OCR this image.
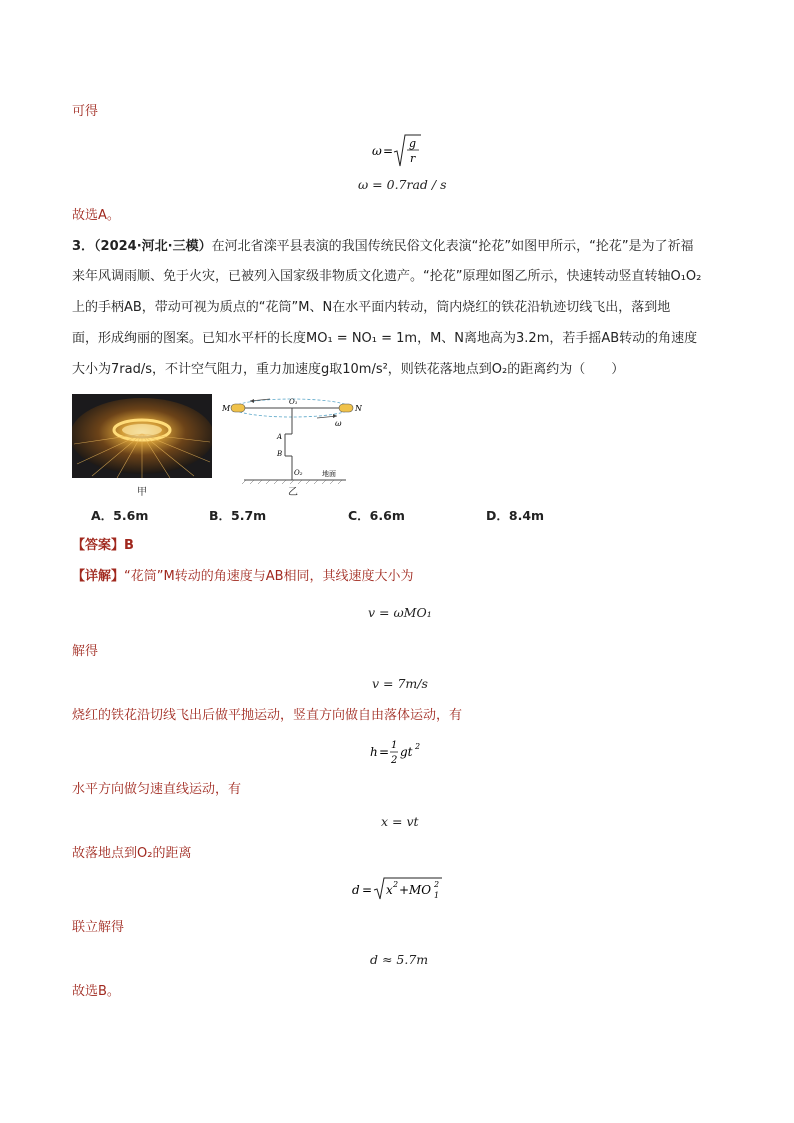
可得
ω =
g
r
ω = 0.7rad / s
故选A。
3．（2024·河北·三模）在河北省滦平县表演的我国传统民俗文化表演“抡花”如图甲所示，“抡花”是为了祈福
来年风调雨顺、免于火灾，已被列入国家级非物质文化遗产。“抡花”原理如图乙所示，快速转动竖直转轴O₁O₂
上的手柄AB，带动可视为质点的“花筒”M、N在水平面内转动，筒内烧红的铁花沿轨迹切线飞出，落到地
面，形成绚丽的图案。已知水平杆的长度MO₁ = NO₁ = 1m，M、N离地高为3.2m，若手摇AB转动的角速度
大小为7rad/s，不计空气阻力，重力加速度g取10m/s²，则铁花落地点到O₂的距离约为（　　）
甲
M	N
O₁
A
B
O₂	地面
ω
乙
A．5.6m	B．5.7m	C．6.6m	D．8.4m
【答案】B
【详解】“花筒”M转动的角速度与AB相同，其线速度大小为
v = ωMO₁
解得
v = 7m/s
烧红的铁花沿切线飞出后做平抛运动，竖直方向做自由落体运动，有
h = 1
2
gt 2
水平方向做匀速直线运动，有
x = vt
故落地点到O₂的距离
d = x 2 + MO 2
1
联立解得
d ≈ 5.7m
故选B。
